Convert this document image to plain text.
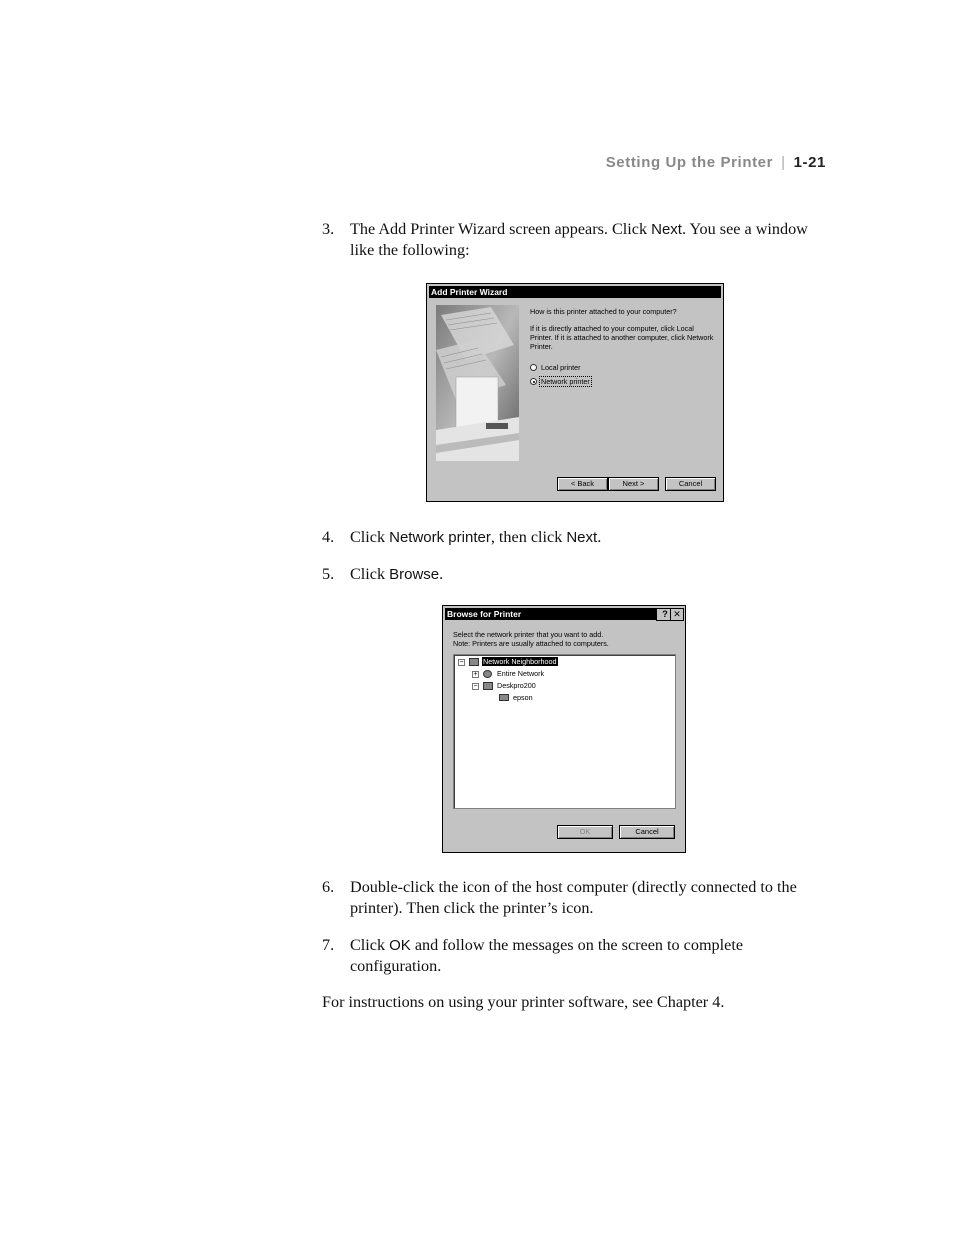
Setting Up the Printer | 1-21
3. The Add Printer Wizard screen appears. Click Next. You see a window like the following:
Add Printer Wizard
How is this printer attached to your computer?
If it is directly attached to your computer, click Local
Printer. If it is attached to another computer, click Network
Printer.
Local printer
Network printer
< Back	Next >	Cancel
4. Click Network printer, then click Next.
5. Click Browse.
Browse for Printer	? ✕
Select the network printer that you want to add.
Note: Printers are usually attached to computers.
−	Network Neighborhood
+	Entire Network
−	Deskpro200
epson
OK	Cancel
6. Double-click the icon of the host computer (directly connected to the printer). Then click the printer’s icon.
7. Click OK and follow the messages on the screen to complete configuration.
For instructions on using your printer software, see Chapter 4.
